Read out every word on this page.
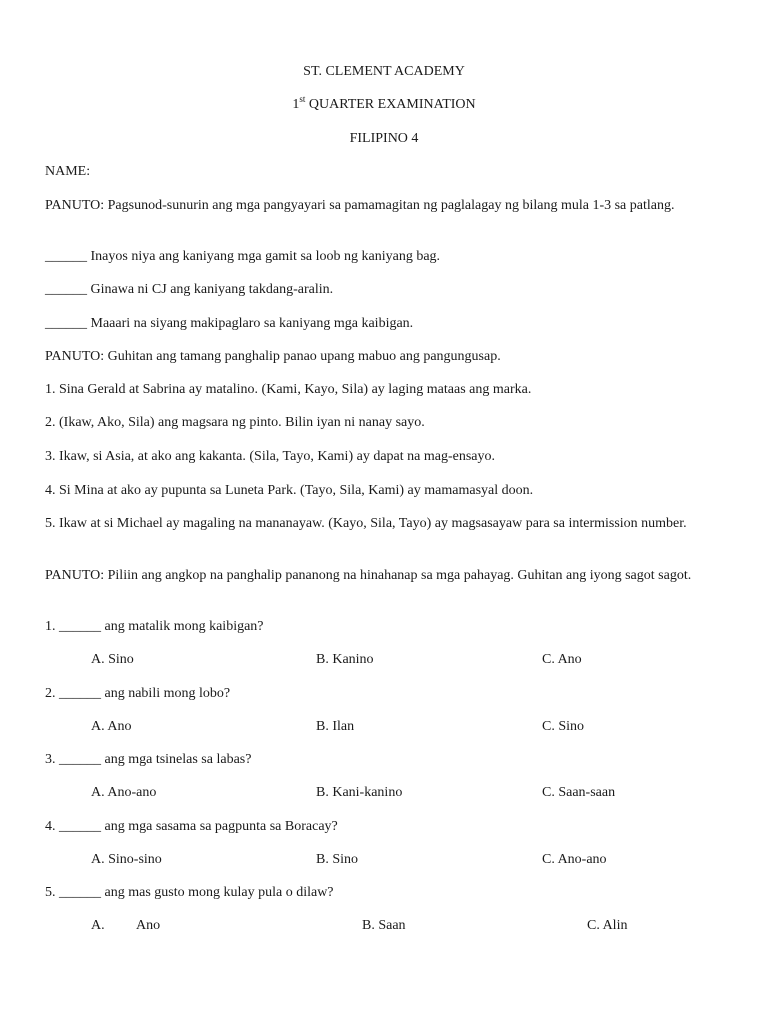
ST. CLEMENT ACADEMY
1st QUARTER EXAMINATION
FILIPINO 4
NAME:
PANUTO: Pagsunod-sunurin ang mga pangyayari sa pamamagitan ng paglalagay ng bilang mula 1-3 sa patlang.
______ Inayos niya ang kaniyang mga gamit sa loob ng kaniyang bag.
______ Ginawa ni CJ ang kaniyang takdang-aralin.
______ Maaari na siyang makipaglaro sa kaniyang mga kaibigan.
PANUTO: Guhitan ang tamang panghalip panao upang mabuo ang pangungusap.
1. Sina Gerald at Sabrina ay matalino. (Kami, Kayo, Sila) ay laging mataas ang marka.
2. (Ikaw, Ako, Sila) ang magsara ng pinto. Bilin iyan ni nanay sayo.
3. Ikaw, si Asia, at ako ang kakanta. (Sila, Tayo, Kami) ay dapat na mag-ensayo.
4. Si Mina at ako ay pupunta sa Luneta Park. (Tayo, Sila, Kami) ay mamamasyal doon.
5. Ikaw at si Michael ay magaling na mananayaw. (Kayo, Sila, Tayo) ay magsasayaw para sa intermission number.
PANUTO: Piliin ang angkop na panghalip pananong na hinahanap sa mga pahayag. Guhitan ang iyong sagot sagot.
1. ______ ang matalik mong kaibigan?
A. Sino	B. Kanino	C. Ano
2. ______ ang nabili mong lobo?
A. Ano	B. Ilan	C. Sino
3. ______ ang mga tsinelas sa labas?
A. Ano-ano	B. Kani-kanino	C. Saan-saan
4. ______ ang mga sasama sa pagpunta sa Boracay?
A. Sino-sino	B. Sino	C. Ano-ano
5. ______ ang mas gusto mong kulay pula o dilaw?
A. Ano	B. Saan	C. Alin
